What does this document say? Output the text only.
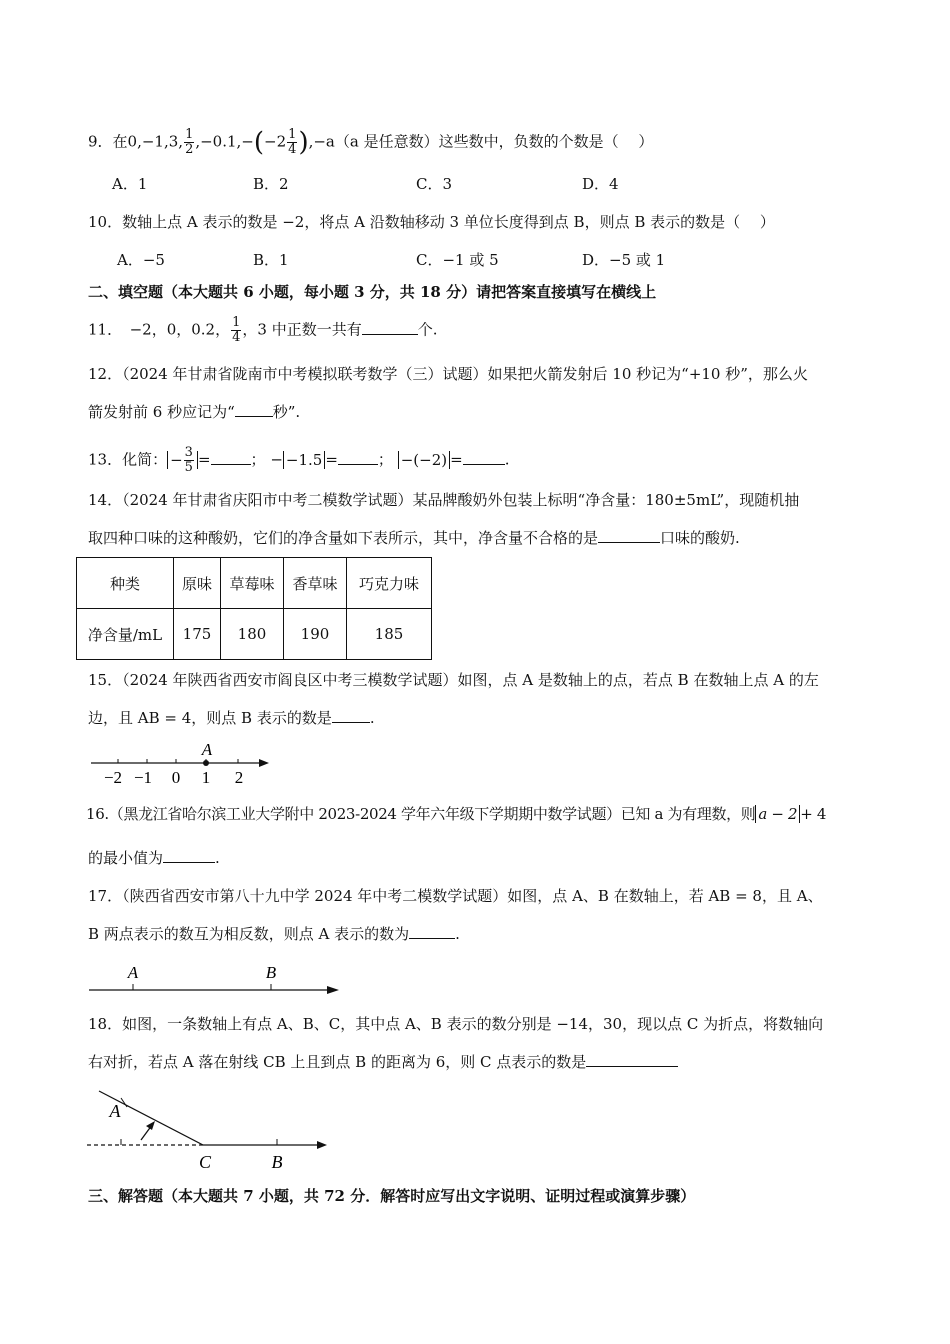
9．在0,−1,3, $\frac{1}{2} ,-0.1,-(-2 \frac{1}{4} ),-a(a$ 是任意数）这些数中，负数的个数是（　 ）
A．1	B．2	C．3	D．4
10．数轴上点 A 表示的数是 −2，将点 A 沿数轴移动 3 单位长度得到点 B，则点 B 表示的数是（　 ）
A．−5	B．1	C．−1 或 5	D．−5 或 1
二、填空题（本大题共 6 小题，每小题 3 分，共 18 分）请把答案直接填写在横线上
11．　−2，0，0.2， $\frac{1}{4}$ ，3 中正数一共有	个.
12．（2024 年甘肃省陇南市中考模拟联考数学（三）试题）如果把火箭发射后 10 秒记为“+10 秒”，那么火
箭发射前 6 秒应记为“	秒”.
13．化简： − $\frac{3}{5}$ =	； − −1.5 =	； −(−2) =	.
14．（2024 年甘肃省庆阳市中考二模数学试题）某品牌酸奶外包装上标明“净含量：180±5mL”，现随机抽
取四种口味的这种酸奶，它们的净含量如下表所示，其中，净含量不合格的是	口味的酸奶.
种类	原味	草莓味	香草味	巧克力味
净含量/mL	175	180	190	185
15．（2024 年陕西省西安市阎良区中考三模数学试题）如图，点 A 是数轴上的点，若点 B 在数轴上点 A 的左
边，且 AB = 4，则点 B 表示的数是	.
A
−2 −1 0 1 2
16.（黑龙江省哈尔滨工业大学附中 2023-2024 学年六年级下学期期中数学试题）已知 a 为有理数，则 a − 2 + 4
的最小值为	.
17．（陕西省西安市第八十九中学 2024 年中考二模数学试题）如图，点 A、B 在数轴上，若 AB = 8，且 A、
B 两点表示的数互为相反数，则点 A 表示的数为	.
A	B
18．如图，一条数轴上有点 A、B、C，其中点 A、B 表示的数分别是 −14，30，现以点 C 为折点，将数轴向
右对折，若点 A 落在射线 CB 上且到点 B 的距离为 6，则 C 点表示的数是
A
C	B
三、解答题（本大题共 7 小题，共 72 分．解答时应写出文字说明、证明过程或演算步骤）
